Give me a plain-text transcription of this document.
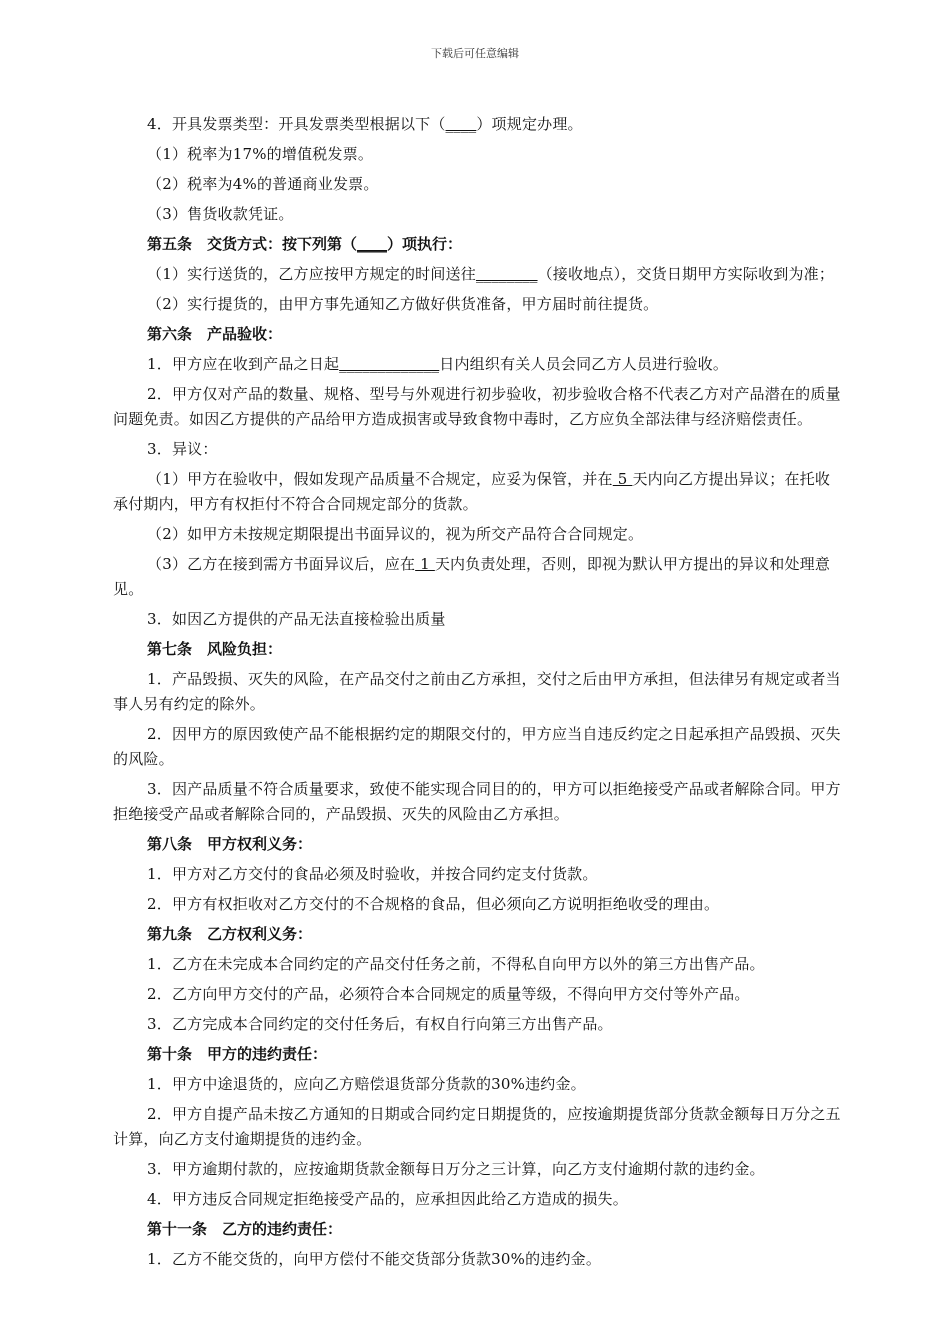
下载后可任意编辑

4．开具发票类型：开具发票类型根据以下（____）项规定办理。

（1）税率为17%的增值税发票。

（2）税率为4%的普通商业发票。

（3）售货收款凭证。

第五条　交货方式：按下列第（____）项执行：

（1）实行送货的，乙方应按甲方规定的时间送往________（接收地点），交货日期甲方实际收到为准；

（2）实行提货的，由甲方事先通知乙方做好供货准备，甲方届时前往提货。

第六条　产品验收：

1．甲方应在收到产品之日起_____________日内组织有关人员会同乙方人员进行验收。

2．甲方仅对产品的数量、规格、型号与外观进行初步验收，初步验收合格不代表乙方对产品潜在的质量问题免责。如因乙方提供的产品给甲方造成损害或导致食物中毒时，乙方应负全部法律与经济赔偿责任。

3．异议：

（1）甲方在验收中，假如发现产品质量不合规定，应妥为保管，并在 5 天内向乙方提出异议；在托收承付期内，甲方有权拒付不符合合同规定部分的货款。

（2）如甲方未按规定期限提出书面异议的，视为所交产品符合合同规定。

（3）乙方在接到需方书面异议后，应在 1 天内负责处理，否则，即视为默认甲方提出的异议和处理意见。

3．如因乙方提供的产品无法直接检验出质量

第七条　风险负担：

1．产品毁损、灭失的风险，在产品交付之前由乙方承担，交付之后由甲方承担，但法律另有规定或者当事人另有约定的除外。

2．因甲方的原因致使产品不能根据约定的期限交付的，甲方应当自违反约定之日起承担产品毁损、灭失的风险。

3．因产品质量不符合质量要求，致使不能实现合同目的的，甲方可以拒绝接受产品或者解除合同。甲方拒绝接受产品或者解除合同的，产品毁损、灭失的风险由乙方承担。

第八条　甲方权利义务：

1．甲方对乙方交付的食品必须及时验收，并按合同约定支付货款。

2．甲方有权拒收对乙方交付的不合规格的食品，但必须向乙方说明拒绝收受的理由。

第九条　乙方权利义务：

1．乙方在未完成本合同约定的产品交付任务之前，不得私自向甲方以外的第三方出售产品。

2．乙方向甲方交付的产品，必须符合本合同规定的质量等级，不得向甲方交付等外产品。

3．乙方完成本合同约定的交付任务后，有权自行向第三方出售产品。

第十条　甲方的违约责任：

1．甲方中途退货的，应向乙方赔偿退货部分货款的30%违约金。

2．甲方自提产品未按乙方通知的日期或合同约定日期提货的，应按逾期提货部分货款金额每日万分之五计算，向乙方支付逾期提货的违约金。

3．甲方逾期付款的，应按逾期货款金额每日万分之三计算，向乙方支付逾期付款的违约金。

4．甲方违反合同规定拒绝接受产品的，应承担因此给乙方造成的损失。

第十一条　乙方的违约责任：

1．乙方不能交货的，向甲方偿付不能交货部分货款30%的违约金。
